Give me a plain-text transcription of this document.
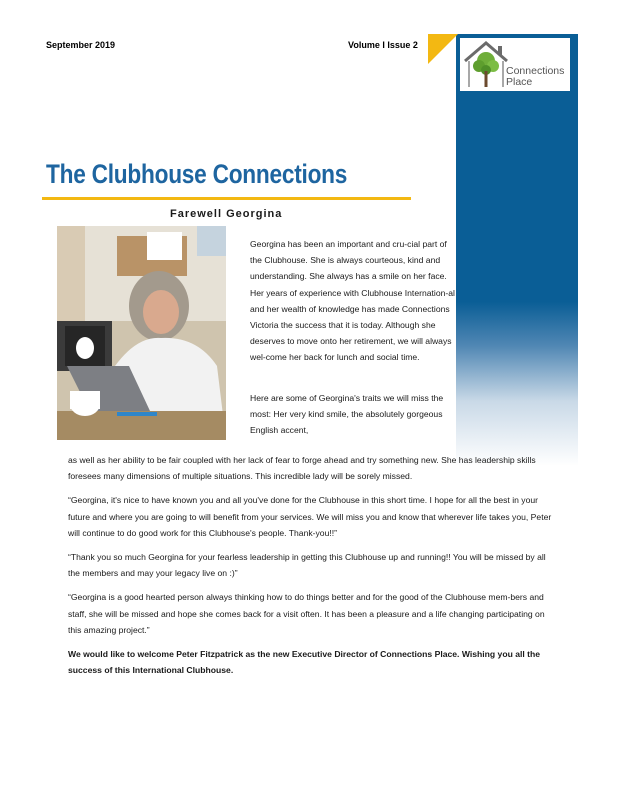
September 2019	Volume I Issue 2
Connections
Place
The Clubhouse Connections
Farewell Georgina
Georgina has been an important and cru-cial part of the Clubhouse. She is always courteous, kind and understanding. She always has a smile on her face. Her years of experience with Clubhouse Internation-al and her wealth of knowledge has made Connections Victoria the success that it is today. Although she deserves to move onto her retirement, we will always wel-come her back for lunch and social time.
Here are some of Georgina's traits we will miss the most: Her very kind smile, the absolutely gorgeous English accent,

as well as her ability to be fair coupled with her lack of fear to forge ahead and try something new. She has leadership skills foresees many dimensions of multiple situations. This incredible lady will be sorely missed.

“Georgina, it's nice to have known you and all you've done for the Clubhouse in this short time. I hope for all the best in your future and where you are going to will benefit from your services. We will miss you and know that wherever life takes you, Peter will continue to do good work for this Clubhouse's people. Thank-you!!”

“Thank you so much Georgina for your fearless leadership in getting this Clubhouse up and running!! You will be missed by all the members and may your legacy live on :)”

“Georgina is a good hearted person always thinking how to do things better and for the good of the Clubhouse mem-bers and staff, she will be missed and hope she comes back for a visit often. It has been a pleasure and a life changing participating on this amazing project.”

We would like to welcome Peter Fitzpatrick as the new Executive Director of Connections Place. Wishing you all the success of this International Clubhouse.
